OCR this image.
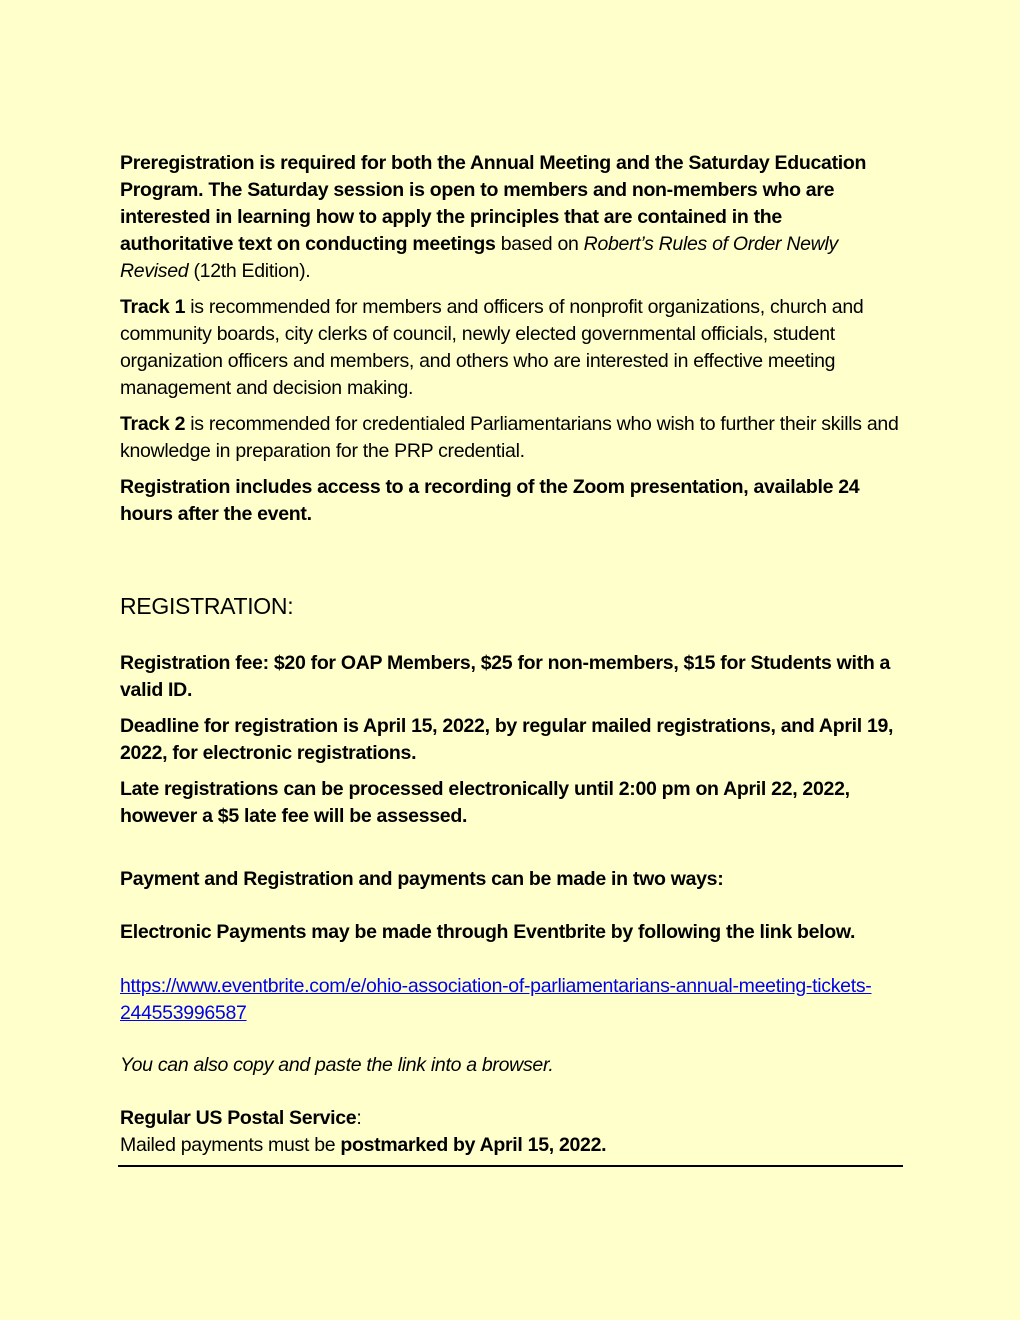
Preregistration is required for both the Annual Meeting and the Saturday Education Program. The Saturday session is open to members and non-members who are interested in learning how to apply the principles that are contained in the authoritative text on conducting meetings based on Robert’s Rules of Order Newly Revised (12th Edition).

Track 1 is recommended for members and officers of nonprofit organizations, church and community boards, city clerks of council, newly elected governmental officials, student organization officers and members, and others who are interested in effective meeting management and decision making.

Track 2 is recommended for credentialed Parliamentarians who wish to further their skills and knowledge in preparation for the PRP credential.

Registration includes access to a recording of the Zoom presentation, available 24 hours after the event.

REGISTRATION:

Registration fee: $20 for OAP Members, $25 for non-members, $15 for Students with a valid ID.

Deadline for registration is April 15, 2022, by regular mailed registrations, and April 19, 2022, for electronic registrations.

Late registrations can be processed electronically until 2:00 pm on April 22, 2022, however a $5 late fee will be assessed.

Payment and Registration and payments can be made in two ways:

Electronic Payments may be made through Eventbrite by following the link below.

https://www.eventbrite.com/e/ohio-association-of-parliamentarians-annual-meeting-tickets-244553996587

You can also copy and paste the link into a browser.

Regular US Postal Service:

Mailed payments must be postmarked by April 15, 2022.
